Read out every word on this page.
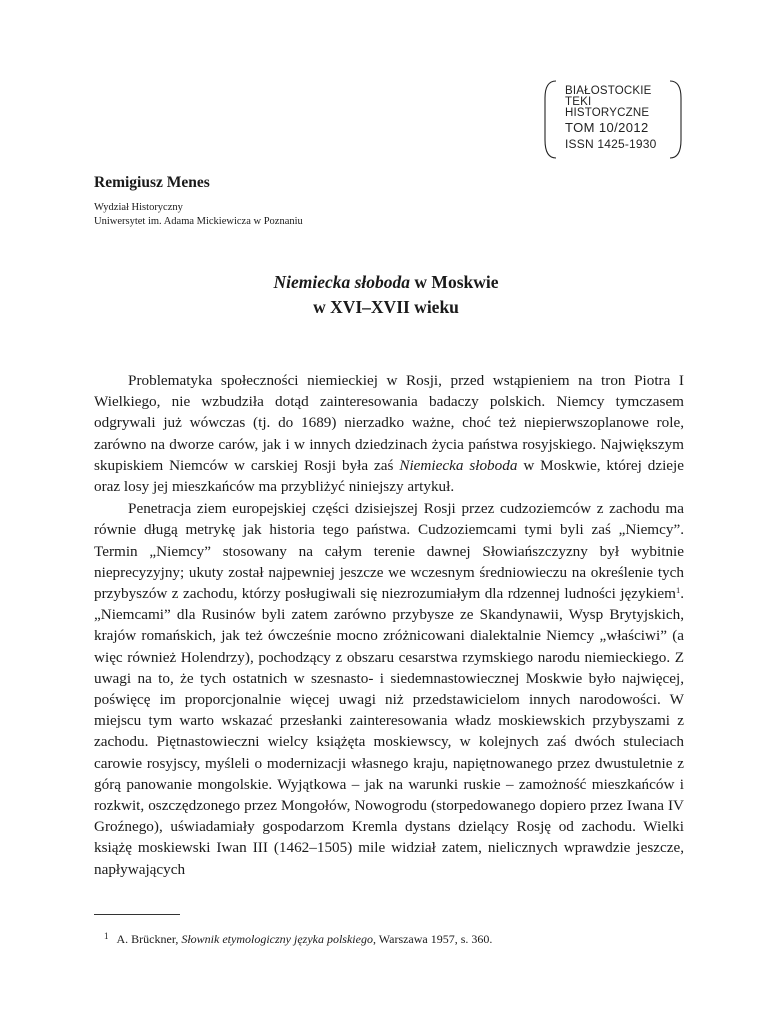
BIAŁOSTOCKIE
TEKI
HISTORYCZNE
TOM 10/2012
ISSN 1425-1930

Remigiusz Menes

Wydział Historyczny

Uniwersytet im. Adama Mickiewicza w Poznaniu

Niemiecka słoboda w Moskwie
w XVI–XVII wieku

Problematyka społeczności niemieckiej w Rosji, przed wstąpieniem na tron Piotra I Wielkiego, nie wzbudziła dotąd zainteresowania badaczy polskich. Niemcy tymczasem odgrywali już wówczas (tj. do 1689) nierzadko ważne, choć też niepierwszoplanowe role, zarówno na dworze carów, jak i w innych dziedzinach życia państwa rosyjskiego. Największym skupiskiem Niemców w carskiej Rosji była zaś Niemiecka słoboda w Moskwie, której dzieje oraz losy jej mieszkańców ma przybliżyć niniejszy artykuł.

Penetracja ziem europejskiej części dzisiejszej Rosji przez cudzoziemców z zachodu ma równie długą metrykę jak historia tego państwa. Cudzoziemcami tymi byli zaś „Niemcy”. Termin „Niemcy” stosowany na całym terenie dawnej Słowiańszczyzny był wybitnie nieprecyzyjny; ukuty został najpewniej jeszcze we wczesnym średniowieczu na określenie tych przybyszów z zachodu, którzy posługiwali się niezrozumiałym dla rdzennej ludności językiem$^1$. „Niemcami” dla Rusinów byli zatem zarówno przybysze ze Skandynawii, Wysp Brytyjskich, krajów romańskich, jak też ówcześnie mocno zróżnicowani dialektalnie Niemcy „właściwi” (a więc również Holendrzy), pochodzący z obszaru cesarstwa rzymskiego narodu niemieckiego. Z uwagi na to, że tych ostatnich w szesnasto- i siedemnastowiecznej Moskwie było najwięcej, poświęcę im proporcjonalnie więcej uwagi niż przedstawicielom innych narodowości. W miejscu tym warto wskazać przesłanki zainteresowania władz moskiewskich przybyszami z zachodu. Piętnastowieczni wielcy książęta moskiewscy, w kolejnych zaś dwóch stuleciach carowie rosyjscy, myśleli o modernizacji własnego kraju, napiętnowanego przez dwustuletnie z górą panowanie mongolskie. Wyjątkowa – jak na warunki ruskie – zamożność mieszkańców i rozkwit, oszczędzonego przez Mongołów, Nowogrodu (storpedowanego dopiero przez Iwana IV Groźnego), uświadamiały gospodarzom Kremla dystans dzielący Rosję od zachodu. Wielki książę moskiewski Iwan III (1462–1505) mile widział zatem, nielicznych wprawdzie jeszcze, napływających

$^1$ A. Brückner, Słownik etymologiczny języka polskiego, Warszawa 1957, s. 360.
